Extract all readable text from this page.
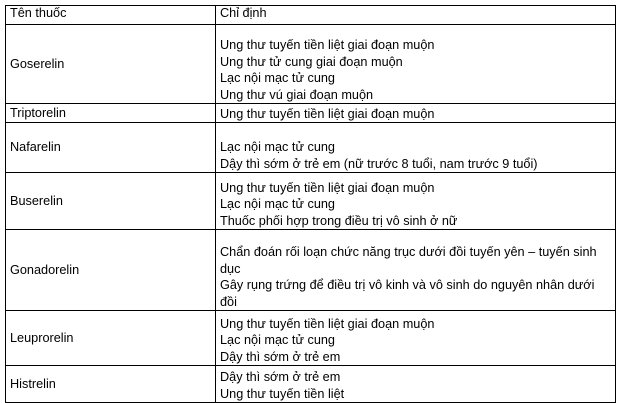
Tên thuốc	Chỉ định
Goserelin	Ung thư tuyến tiền liệt giai đoạn muộn
Ung thư tử cung giai đoạn muộn
Lạc nội mạc tử cung
Ung thư vú giai đoạn muộn

Triptorelin	Ung thư tuyến tiền liệt giai đoạn muộn

Nafarelin	Lạc nội mạc tử cung
Dậy thì sớm ở trẻ em (nữ trước 8 tuổi, nam trước 9 tuổi)

Buserelin	Ung thư tuyến tiền liệt giai đoạn muộn
Lạc nội mạc tử cung
Thuốc phối hợp trong điều trị vô sinh ở nữ

Gonadorelin	Chẩn đoán rối loạn chức năng trục dưới đồi tuyến yên – tuyến sinh dục
Gây rụng trứng để điều trị vô kinh và vô sinh do nguyên nhân dưới đồi

Leuprorelin	Ung thư tuyến tiền liệt giai đoạn muộn
Lạc nội mạc tử cung
Dậy thì sớm ở trẻ em

Histrelin	Dậy thì sớm ở trẻ em
Ung thư tuyến tiền liệt
